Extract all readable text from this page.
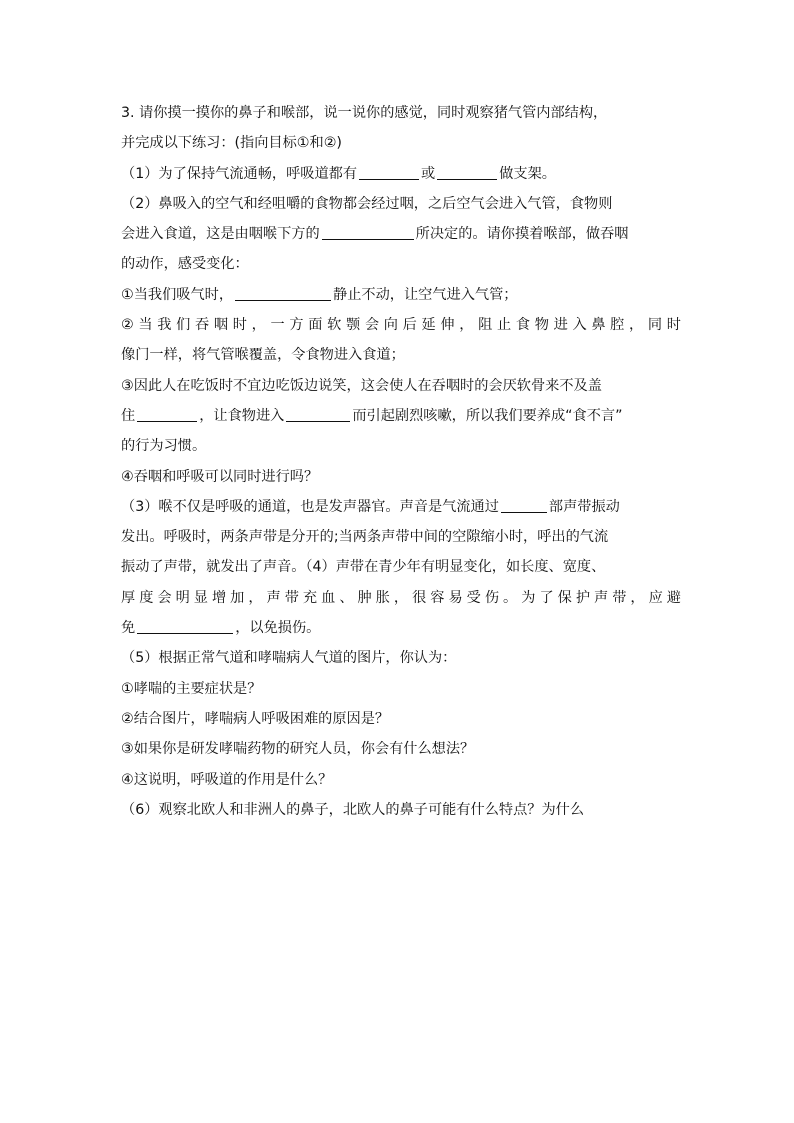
3. 请你摸一摸你的鼻子和喉部，说一说你的感觉，同时观察猪气管内部结构，
并完成以下练习：(指向目标①和②)
（1）为了保持气流通畅，呼吸道都有	或	做支架。
（2）鼻吸入的空气和经咀嚼的食物都会经过咽，之后空气会进入气管，食物则
会进入食道，这是由咽喉下方的	所决定的。请你摸着喉部，做吞咽
的动作，感受变化：
①当我们吸气时，	静止不动，让空气进入气管；
②当我们吞咽时，一方面软颚会向后延伸，阻止食物进入鼻腔，同时
像门一样，将气管喉覆盖，令食物进入食道；
③因此人在吃饭时不宜边吃饭边说笑，这会使人在吞咽时的会厌软骨来不及盖
住	，让食物进入	而引起剧烈咳嗽，所以我们要养成“食不言”
的行为习惯。
④吞咽和呼吸可以同时进行吗？
（3）喉不仅是呼吸的通道，也是发声器官。声音是气流通过	部声带振动
发出。呼吸时，两条声带是分开的;当两条声带中间的空隙缩小时，呼出的气流
振动了声带，就发出了声音。（4）声带在青少年有明显变化，如长度、宽度、
厚度会明显增加，声带充血、肿胀，很容易受伤。为了保护声带，应避
免	，以免损伤。
（5）根据正常气道和哮喘病人气道的图片，你认为：
①哮喘的主要症状是？
②结合图片，哮喘病人呼吸困难的原因是？
③如果你是研发哮喘药物的研究人员，你会有什么想法？
④这说明，呼吸道的作用是什么？
（6）观察北欧人和非洲人的鼻子，北欧人的鼻子可能有什么特点？为什么
